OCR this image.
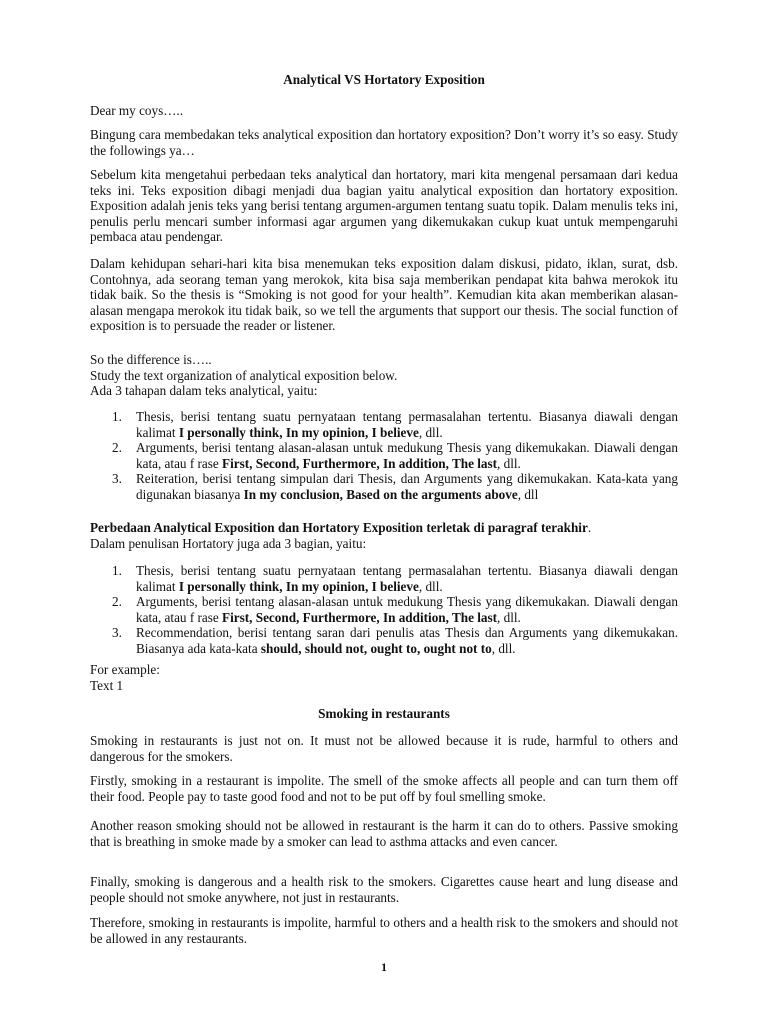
Analytical VS Hortatory Exposition

Dear my coys…..

Bingung cara membedakan teks analytical exposition dan hortatory exposition? Don’t worry it’s so easy. Study the followings ya…

Sebelum kita mengetahui perbedaan teks analytical dan hortatory, mari kita mengenal persamaan dari kedua teks ini. Teks exposition dibagi menjadi dua bagian yaitu analytical exposition dan hortatory exposition. Exposition adalah jenis teks yang berisi tentang argumen-argumen tentang suatu topik. Dalam menulis teks ini, penulis perlu mencari sumber informasi agar argumen yang dikemukakan cukup kuat untuk mempengaruhi pembaca atau pendengar.

Dalam kehidupan sehari-hari kita bisa menemukan teks exposition dalam diskusi, pidato, iklan, surat, dsb. Contohnya, ada seorang teman yang merokok, kita bisa saja memberikan pendapat kita bahwa merokok itu tidak baik. So the thesis is “Smoking is not good for your health”. Kemudian kita akan memberikan alasan-alasan mengapa merokok itu tidak baik, so we tell the arguments that support our thesis. The social function of exposition is to persuade the reader or listener.

So the difference is…..
Study the text organization of analytical exposition below.
Ada 3 tahapan dalam teks analytical, yaitu:
1. Thesis, berisi tentang suatu pernyataan tentang permasalahan tertentu. Biasanya diawali dengan kalimat I personally think, In my opinion, I believe, dll.
2. Arguments, berisi tentang alasan-alasan untuk medukung Thesis yang dikemukakan. Diawali dengan kata, atau f rase First, Second, Furthermore, In addition, The last, dll.
3. Reiteration, berisi tentang simpulan dari Thesis, dan Arguments yang dikemukakan. Kata-kata yang digunakan biasanya In my conclusion, Based on the arguments above, dll

Perbedaan Analytical Exposition dan Hortatory Exposition terletak di paragraf terakhir.

Dalam penulisan Hortatory juga ada 3 bagian, yaitu:

1. Thesis, berisi tentang suatu pernyataan tentang permasalahan tertentu. Biasanya diawali dengan kalimat I personally think, In my opinion, I believe, dll.
2. Arguments, berisi tentang alasan-alasan untuk medukung Thesis yang dikemukakan. Diawali dengan kata, atau f rase First, Second, Furthermore, In addition, The last, dll.
3. Recommendation, berisi tentang saran dari penulis atas Thesis dan Arguments yang dikemukakan. Biasanya ada kata-kata should, should not, ought to, ought not to, dll.
For example:
Text 1

Smoking in restaurants

Smoking in restaurants is just not on. It must not be allowed because it is rude, harmful to others and dangerous for the smokers.

Firstly, smoking in a restaurant is impolite. The smell of the smoke affects all people and can turn them off their food. People pay to taste good food and not to be put off by foul smelling smoke.

Another reason smoking should not be allowed in restaurant is the harm it can do to others. Passive smoking that is breathing in smoke made by a smoker can lead to asthma attacks and even cancer.

Finally, smoking is dangerous and a health risk to the smokers. Cigarettes cause heart and lung disease and people should not smoke anywhere, not just in restaurants.

Therefore, smoking in restaurants is impolite, harmful to others and a health risk to the smokers and should not be allowed in any restaurants.

1
